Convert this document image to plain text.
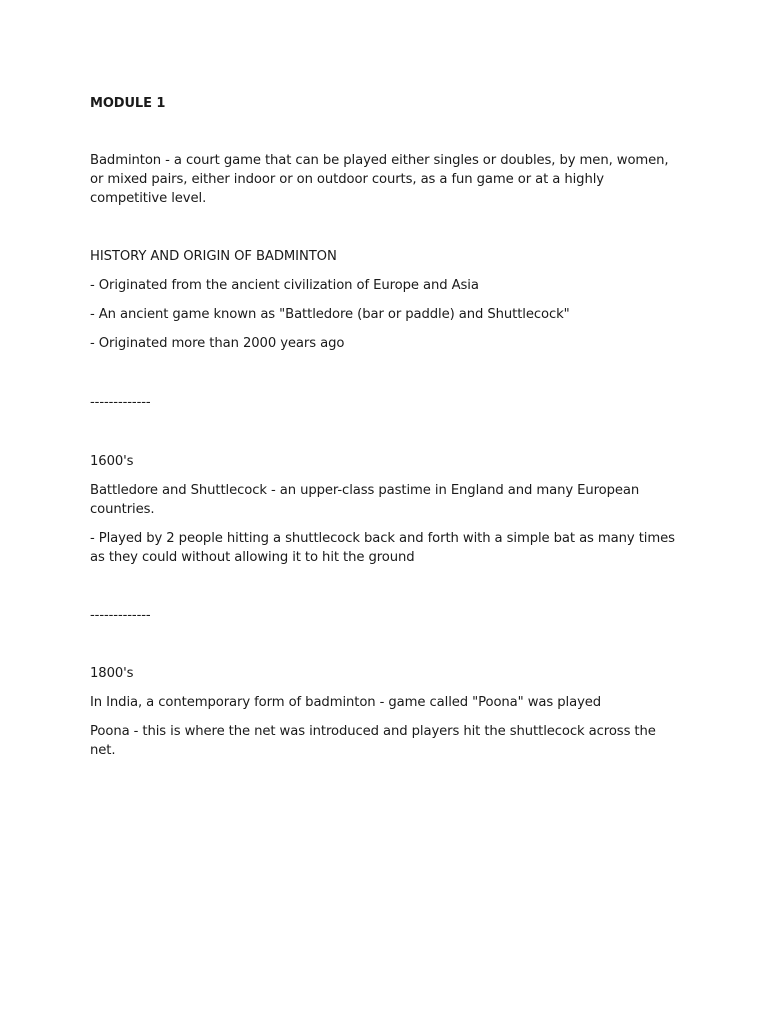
MODULE 1
Badminton - a court game that can be played either singles or doubles, by men, women, or mixed pairs, either indoor or on outdoor courts, as a fun game or at a highly competitive level.
HISTORY AND ORIGIN OF BADMINTON
- Originated from the ancient civilization of Europe and Asia
- An ancient game known as "Battledore (bar or paddle) and Shuttlecock"
- Originated more than 2000 years ago
-------------
1600's
Battledore and Shuttlecock - an upper-class pastime in England and many European countries.
- Played by 2 people hitting a shuttlecock back and forth with a simple bat as many times as they could without allowing it to hit the ground
-------------
1800's
In India, a contemporary form of badminton - game called "Poona" was played
Poona - this is where the net was introduced and players hit the shuttlecock across the net.
